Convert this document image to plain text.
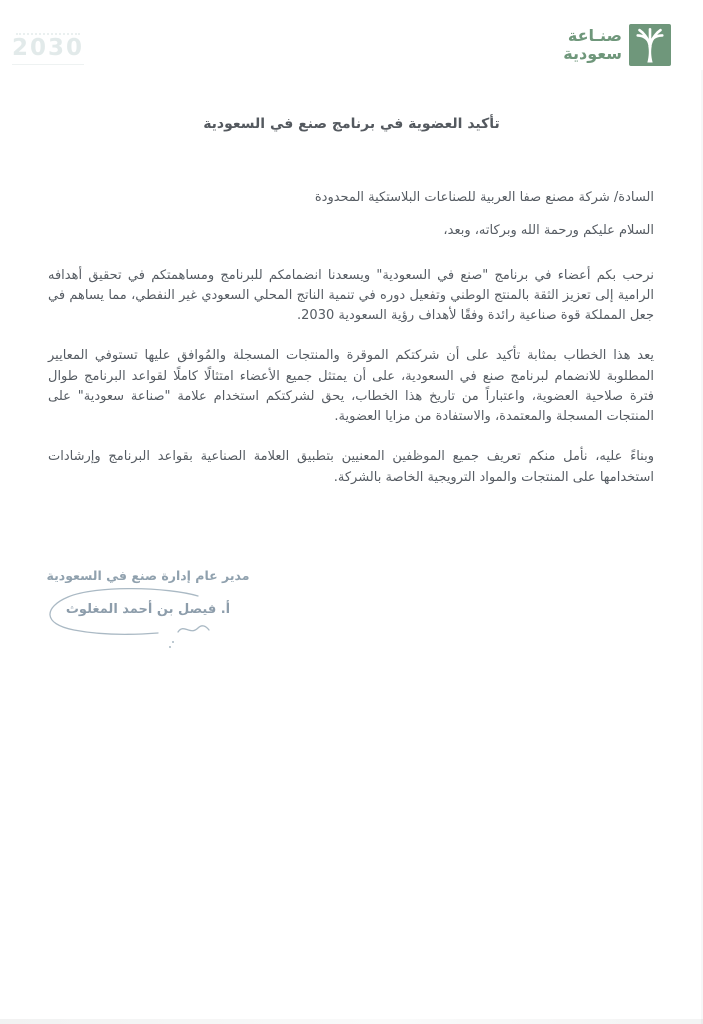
2030	صنـاعة
سعودية
تأكيد العضوية في برنامج صنع في السعودية
السادة/ شركة مصنع صفا العربية للصناعات البلاستكية المحدودة
السلام عليكم ورحمة الله وبركاته، وبعد،

نرحب بكم أعضاء في برنامج "صنع في السعودية" ويسعدنا انضمامكم للبرنامج ومساهمتكم في تحقيق أهدافه الرامية إلى تعزيز الثقة بالمنتج الوطني وتفعيل دوره في تنمية الناتج المحلي السعودي غير النفطي، مما يساهم في جعل المملكة قوة صناعية رائدة وفقًا لأهداف رؤية السعودية 2030.

يعد هذا الخطاب بمثابة تأكيد على أن شركتكم الموقرة والمنتجات المسجلة والمُوافق عليها تستوفي المعايير المطلوبة للانضمام لبرنامج صنع في السعودية، على أن يمتثل جميع الأعضاء امتثالًا كاملًا لقواعد البرنامج طوال فترة صلاحية العضوية، واعتباراً من تاريخ هذا الخطاب، يحق لشركتكم استخدام علامة "صناعة سعودية" على المنتجات المسجلة والمعتمدة، والاستفادة من مزايا العضوية.

وبناءً عليه، نأمل منكم تعريف جميع الموظفين المعنيين بتطبيق العلامة الصناعية بقواعد البرنامج وإرشادات استخدامها على المنتجات والمواد الترويجية الخاصة بالشركة.

مدير عام إدارة صنع في السعودية
أ. فيصل بن أحمد المغلوث
